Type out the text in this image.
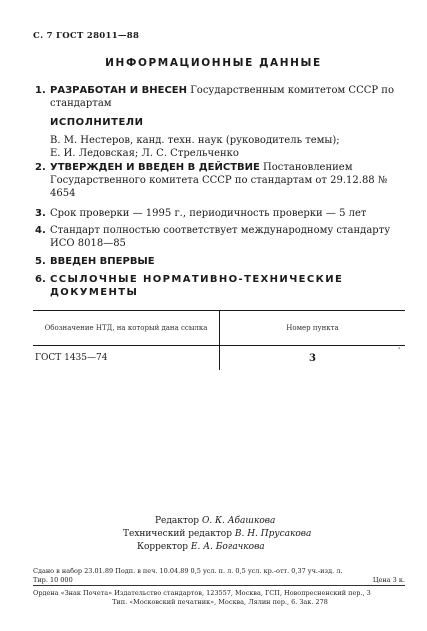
С. 7 ГОСТ 28011—88
ИНФОРМАЦИОННЫЕ ДАННЫЕ
1. РАЗРАБОТАН И ВНЕСЕН Государственным комитетом СССР по стандартам
ИСПОЛНИТЕЛИ
В. М. Нестеров, канд. техн. наук (руководитель темы);
Е. И. Ледовская; Л. С. Стрельченко
2. УТВЕРЖДЕН И ВВЕДЕН В ДЕЙСТВИЕ Постановлением Государственного комитета СССР по стандартам от 29.12.88 № 4654
3. Срок проверки — 1995 г., периодичность проверки — 5 лет
4. Стандарт полностью соответствует международному стандарту ИСО 8018—85
5. ВВЕДЕН ВПЕРВЫЕ
6. ССЫЛОЧНЫЕ НОРМАТИВНО-ТЕХНИЧЕСКИЕ ДОКУМЕНТЫ
Обозначение НТД, на который дана ссылка	Номер пункта
ГОСТ 1435—74	3
'
Редактор О. К. Абашкова
Технический редактор В. Н. Прусакова
Корректор Е. А. Богачкова
Сдано в набор 23.01.89 Подп. в печ. 10.04.89 0,5 усл. п. л. 0,5 усл. кр.-отт. 0,37 уч.-изд. л.
Тир. 10 000	Цена 3 к.
Ордена «Знак Почета» Издательство стандартов, 123557, Москва, ГСП, Новопресненский пер., 3
Тип. «Московский печатник», Москва, Лялин пер., 6. Зак. 278
